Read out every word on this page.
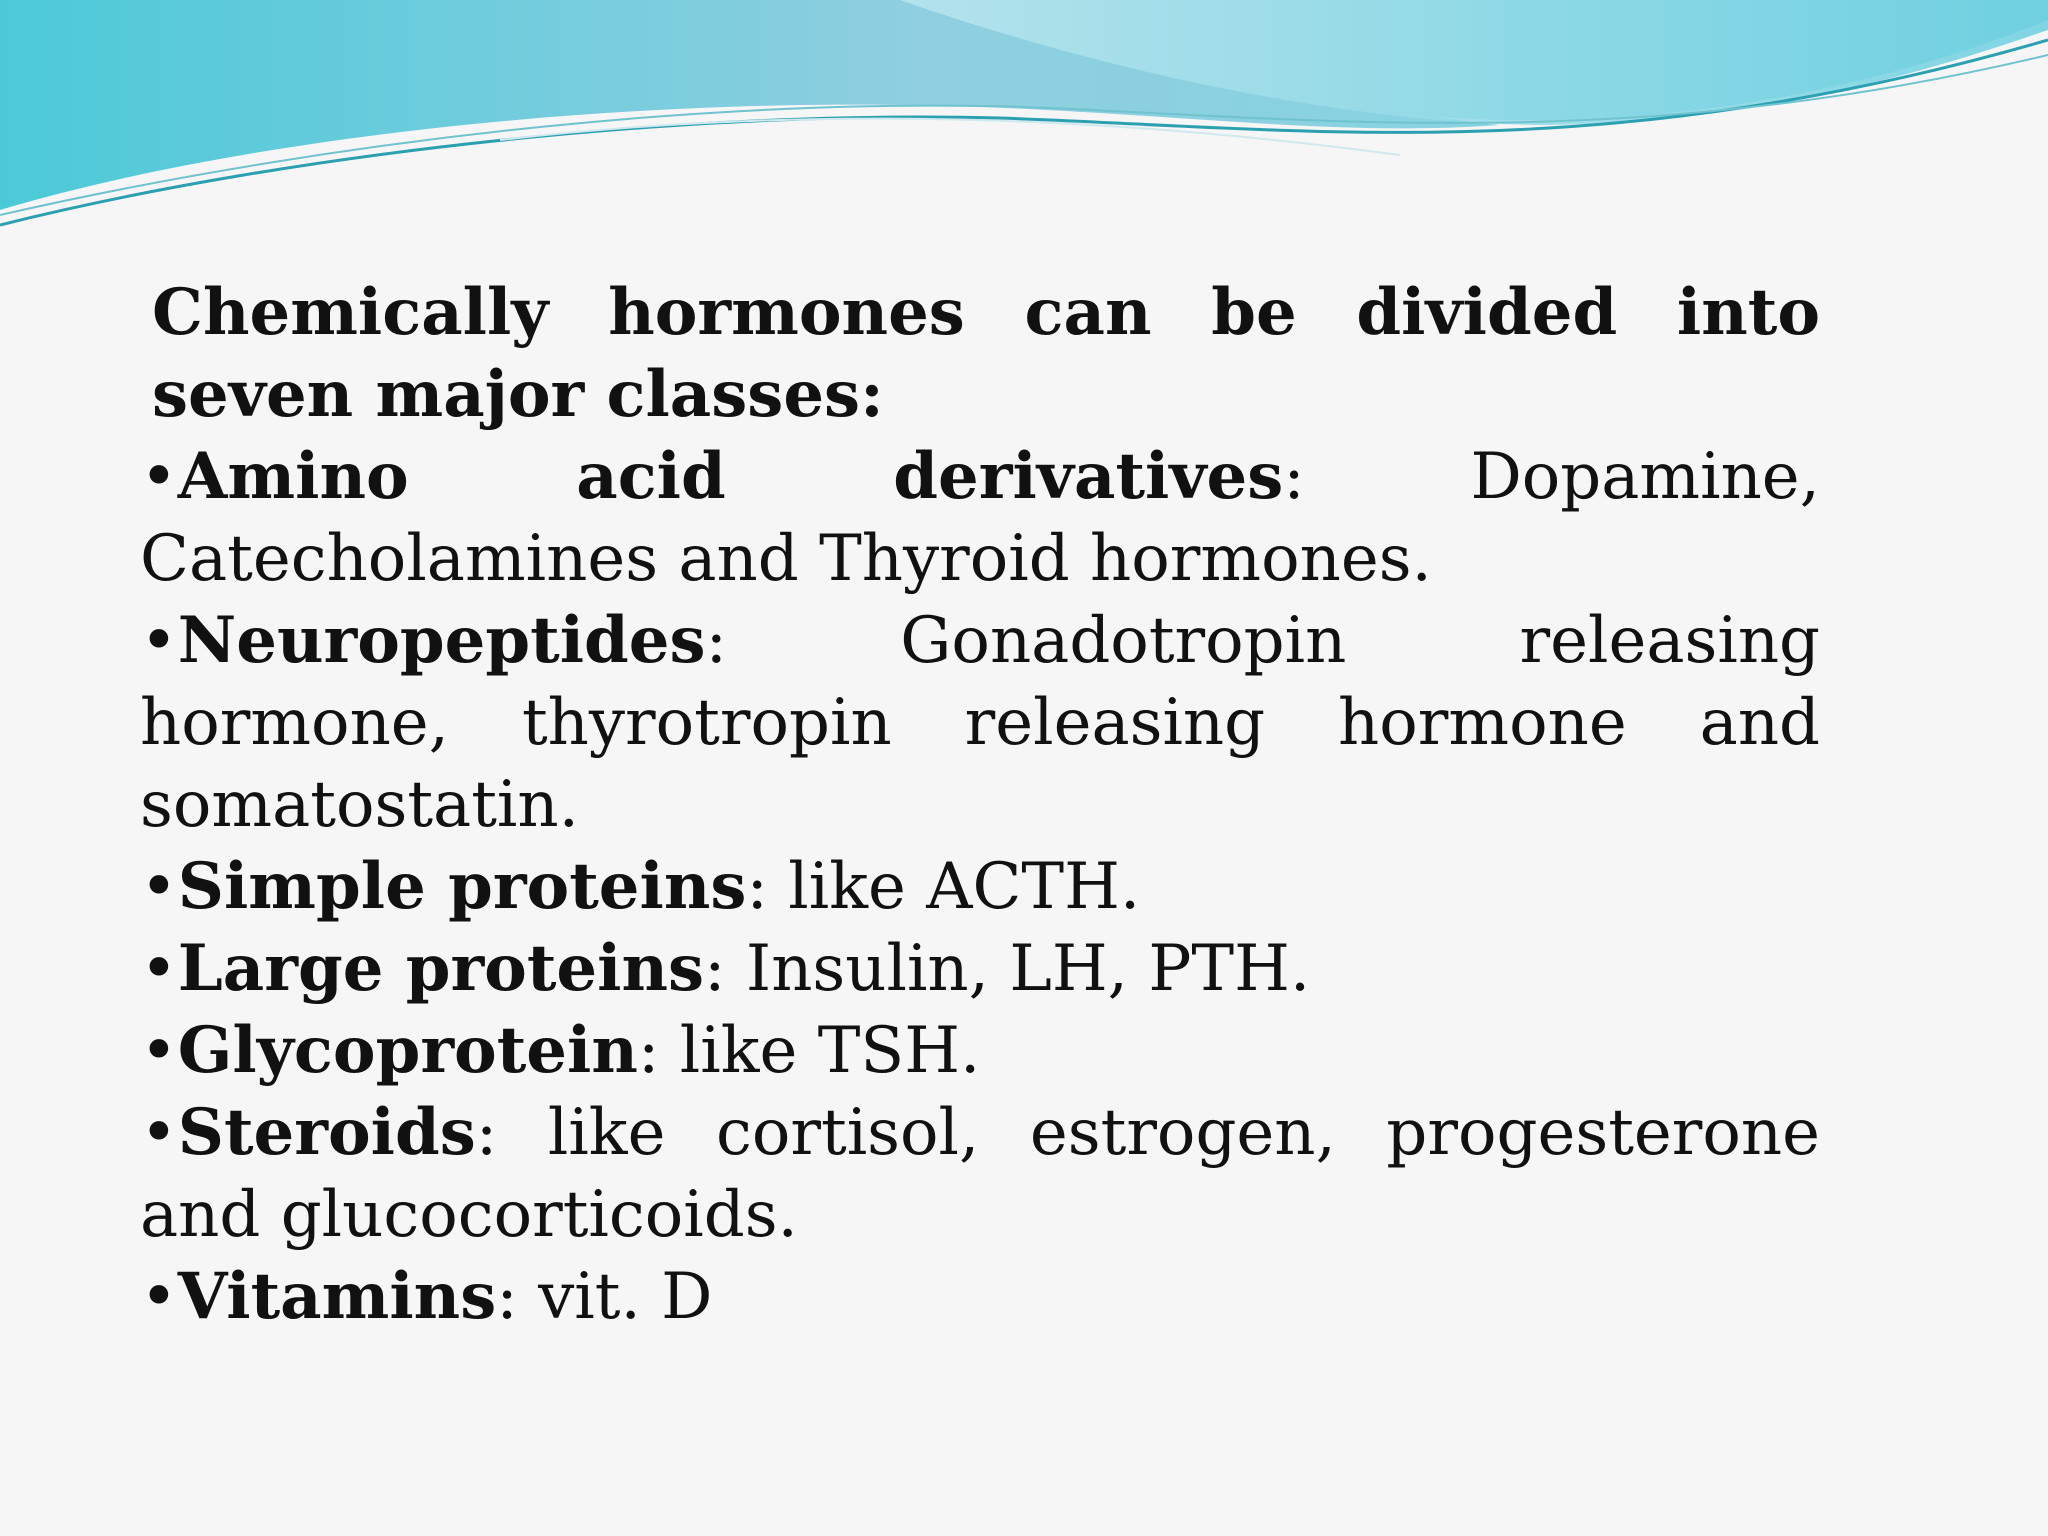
Chemically hormones can be divided into seven major classes:

•Amino acid derivatives: Dopamine, Catecholamines and Thyroid hormones.
•Neuropeptides: Gonadotropin releasing hormone, thyrotropin releasing hormone and somatostatin.
•Simple proteins: like ACTH.
•Large proteins: Insulin, LH, PTH.
•Glycoprotein: like TSH.
•Steroids: like cortisol, estrogen, progesterone and glucocorticoids.
•Vitamins: vit. D
